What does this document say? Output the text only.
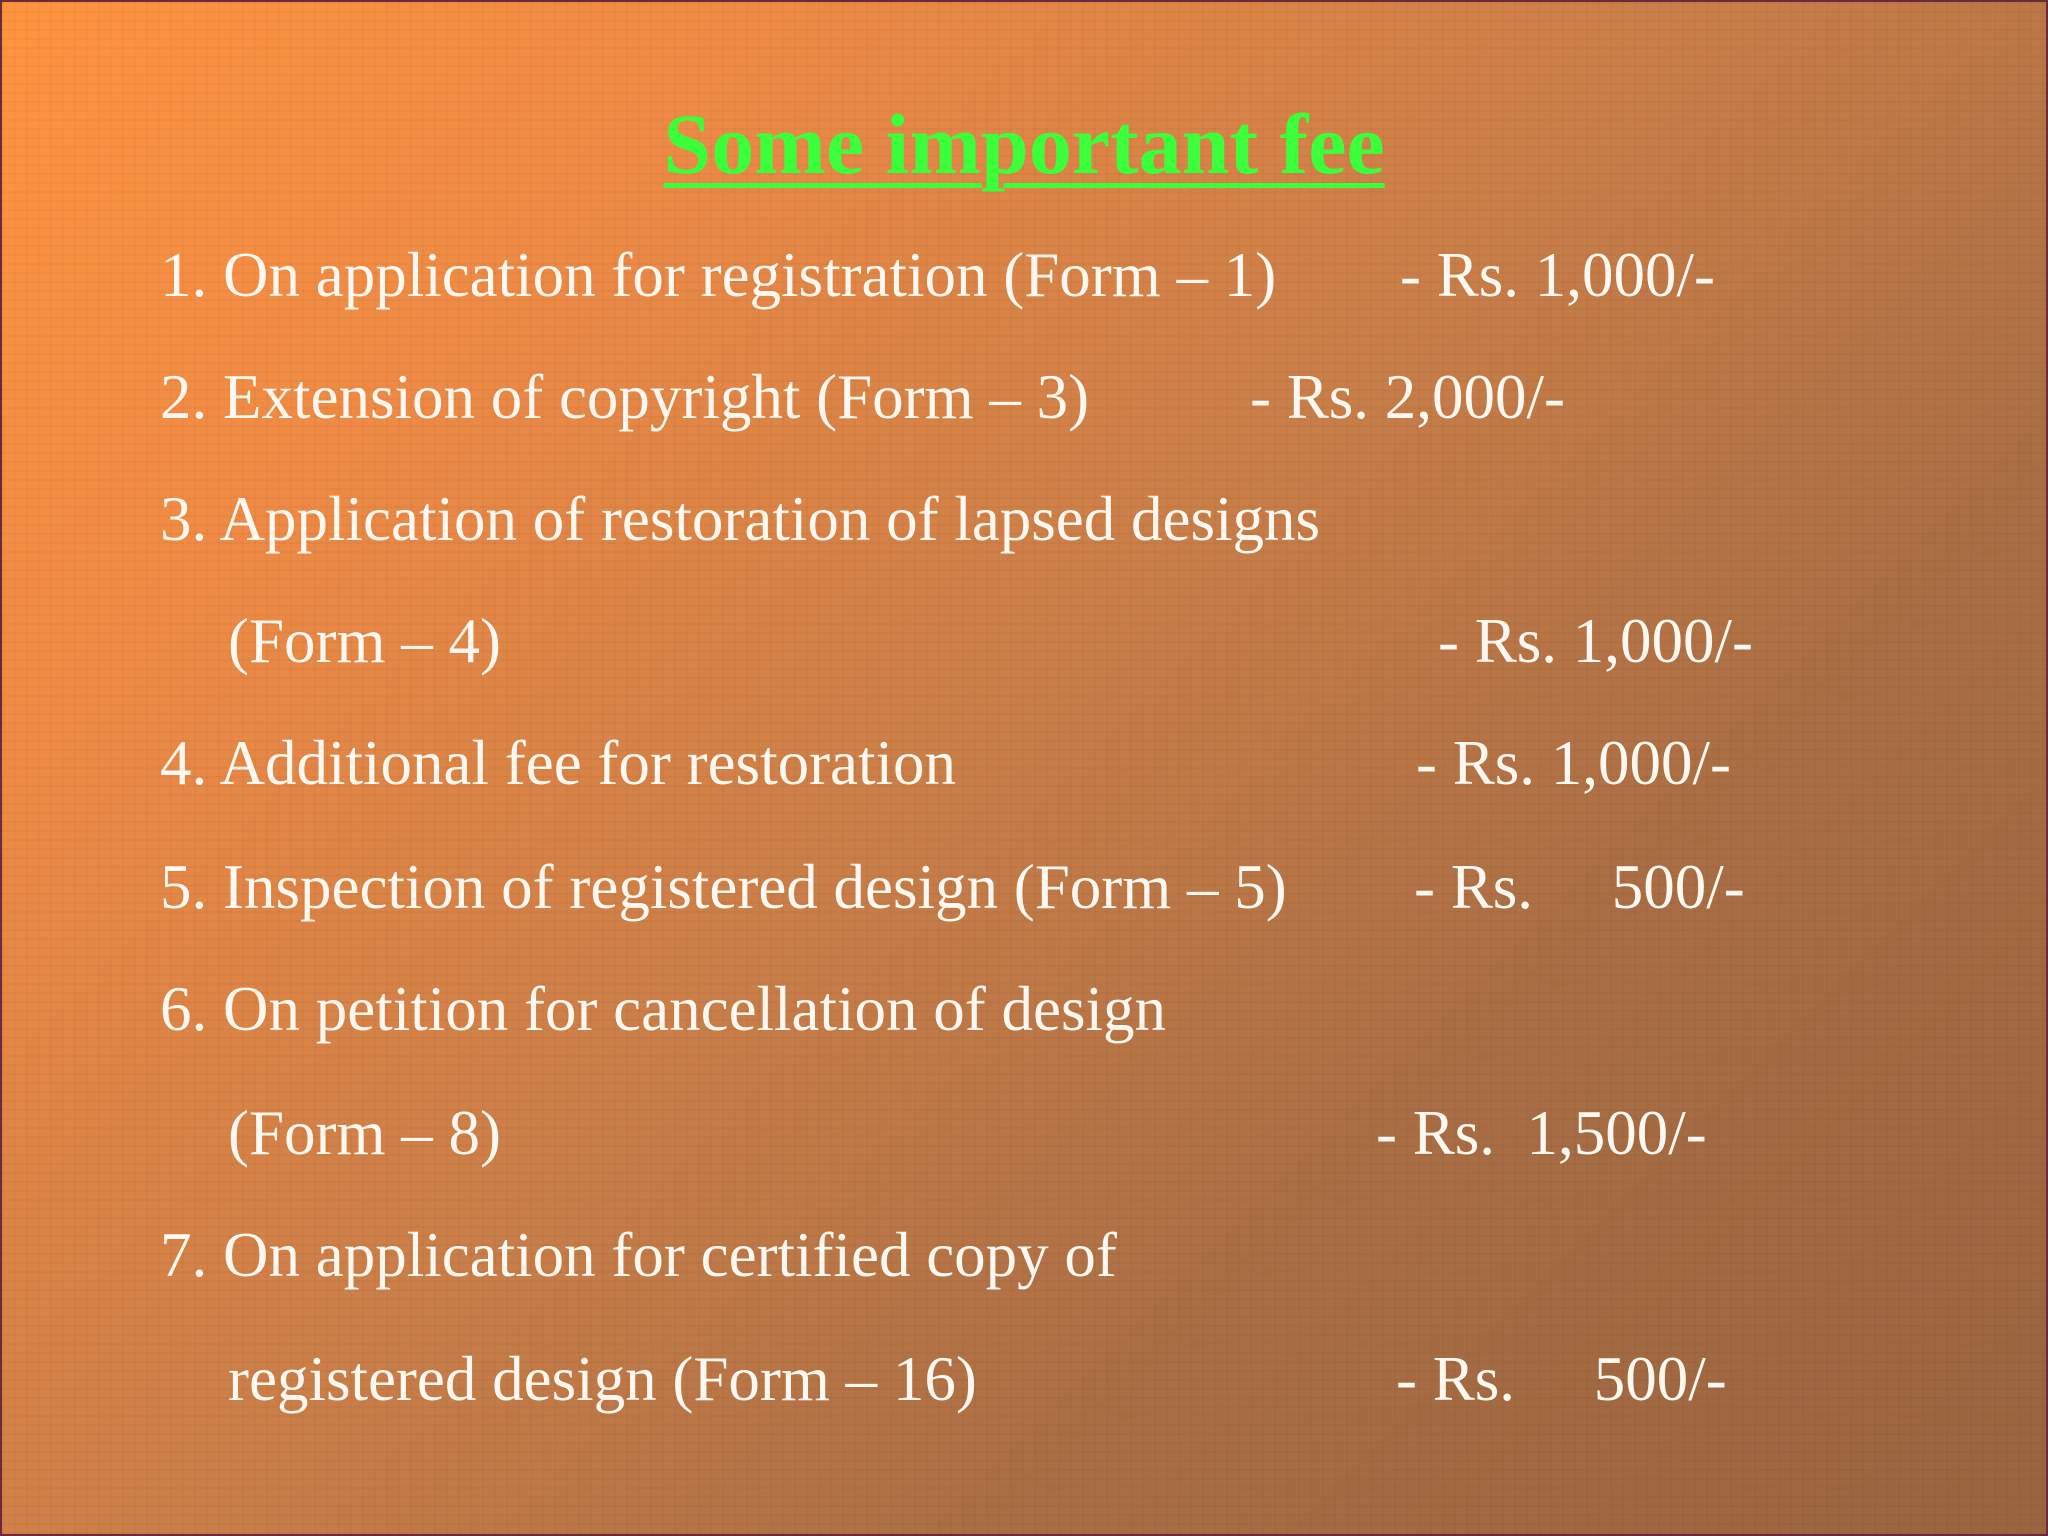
Some important fee
1. On application for registration (Form – 1) - Rs. 1,000/-
2. Extension of copyright (Form – 3)	- Rs. 2,000/-
3. Application of restoration of lapsed designs
(Form – 4)	- Rs. 1,000/-
4. Additional fee for restoration	- Rs. 1,000/-
5. Inspection of registered design (Form – 5) - Rs.     500/-
6. On petition for cancellation of design
(Form – 8)	- Rs.  1,500/-
7. On application for certified copy of
registered design (Form – 16)	- Rs.     500/-
